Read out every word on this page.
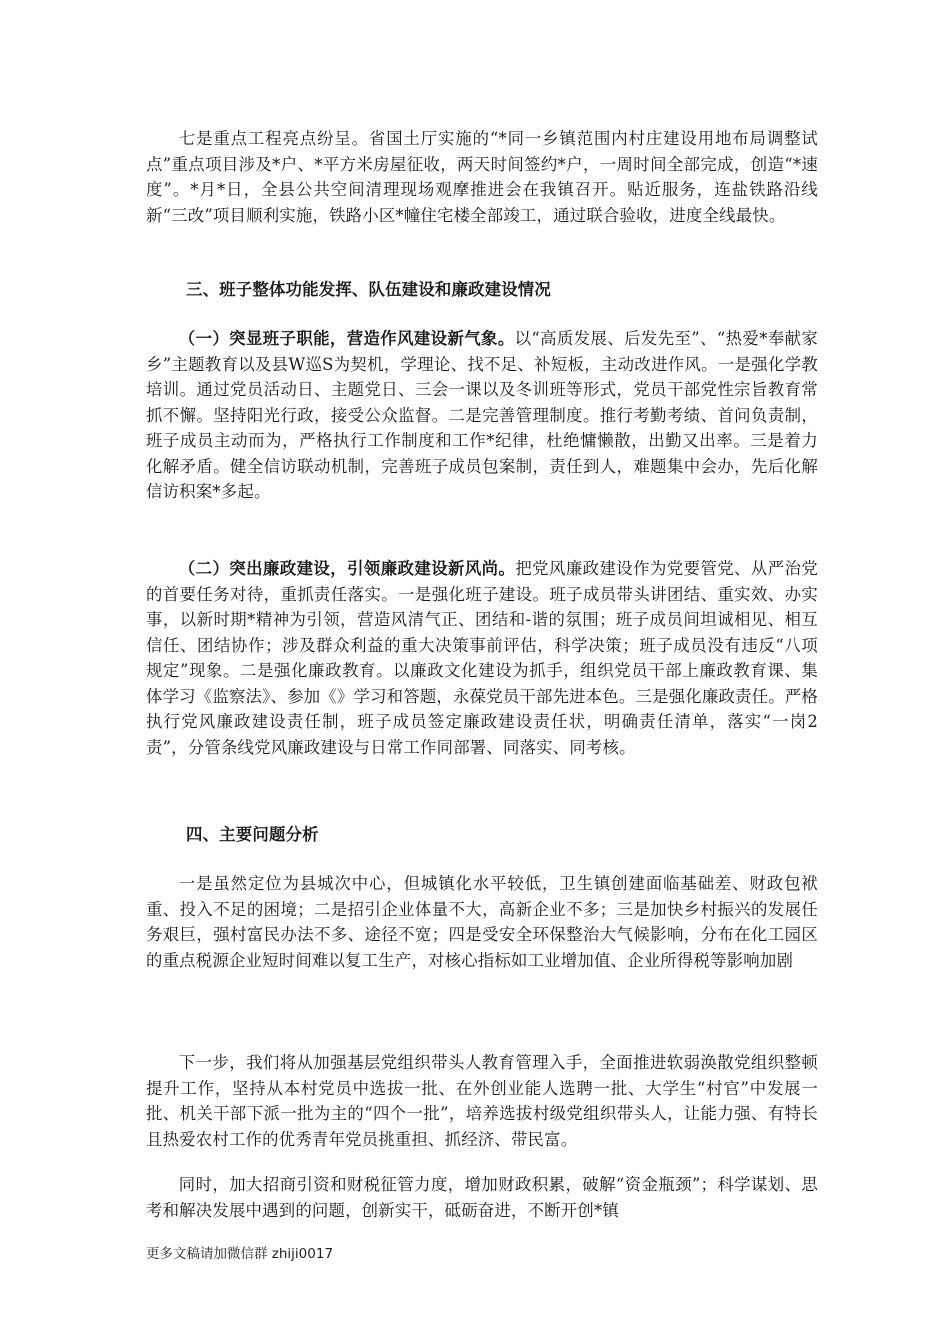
七是重点工程亮点纷呈。省国土厅实施的“*同一乡镇范围内村庄建设用地布局调整试点”重点项目涉及*户、*平方米房屋征收，两天时间签约*户，一周时间全部完成，创造“*速度”。*月*日，全县公共空间清理现场观摩推进会在我镇召开。贴近服务，连盐铁路沿线新“三改”项目顺利实施，铁路小区*幢住宅楼全部竣工，通过联合验收，进度全线最快。

三、班子整体功能发挥、队伍建设和廉政建设情况

（一）突显班子职能，营造作风建设新气象。以“高质发展、后发先至”、“热爱*奉献家乡”主题教育以及县W巡S为契机，学理论、找不足、补短板，主动改进作风。一是强化学教培训。通过党员活动日、主题党日、三会一课以及冬训班等形式，党员干部党性宗旨教育常抓不懈。坚持阳光行政，接受公众监督。二是完善管理制度。推行考勤考绩、首问负责制，班子成员主动而为，严格执行工作制度和工作*纪律，杜绝慵懒散，出勤又出率。三是着力化解矛盾。健全信访联动机制，完善班子成员包案制，责任到人，难题集中会办，先后化解信访积案*多起。

（二）突出廉政建设，引领廉政建设新风尚。把党风廉政建设作为党要管党、从严治党的首要任务对待，重抓责任落实。一是强化班子建设。班子成员带头讲团结、重实效、办实事，以新时期*精神为引领，营造风清气正、团结和-谐的氛围；班子成员间坦诚相见、相互信任、团结协作；涉及群众利益的重大决策事前评估，科学决策；班子成员没有违反“八项规定”现象。二是强化廉政教育。以廉政文化建设为抓手，组织党员干部上廉政教育课、集体学习《监察法》、参加《》学习和答题，永葆党员干部先进本色。三是强化廉政责任。严格执行党风廉政建设责任制，班子成员签定廉政建设责任状，明确责任清单，落实“一岗2责”，分管条线党风廉政建设与日常工作同部署、同落实、同考核。

四、主要问题分析

一是虽然定位为县城次中心，但城镇化水平较低，卫生镇创建面临基础差、财政包袱重、投入不足的困境；二是招引企业体量不大，高新企业不多；三是加快乡村振兴的发展任务艰巨，强村富民办法不多、途径不宽；四是受安全环保整治大气候影响，分布在化工园区的重点税源企业短时间难以复工生产，对核心指标如工业增加值、企业所得税等影响加剧

下一步，我们将从加强基层党组织带头人教育管理入手，全面推进软弱涣散党组织整顿提升工作，坚持从本村党员中选拔一批、在外创业能人选聘一批、大学生“村官”中发展一批、机关干部下派一批为主的“四个一批”，培养选拔村级党组织带头人，让能力强、有特长且热爱农村工作的优秀青年党员挑重担、抓经济、带民富。

同时，加大招商引资和财税征管力度，增加财政积累，破解“资金瓶颈”；科学谋划、思考和解决发展中遇到的问题，创新实干，砥砺奋进，不断开创*镇

更多文稿请加微信群 zhiji0017
